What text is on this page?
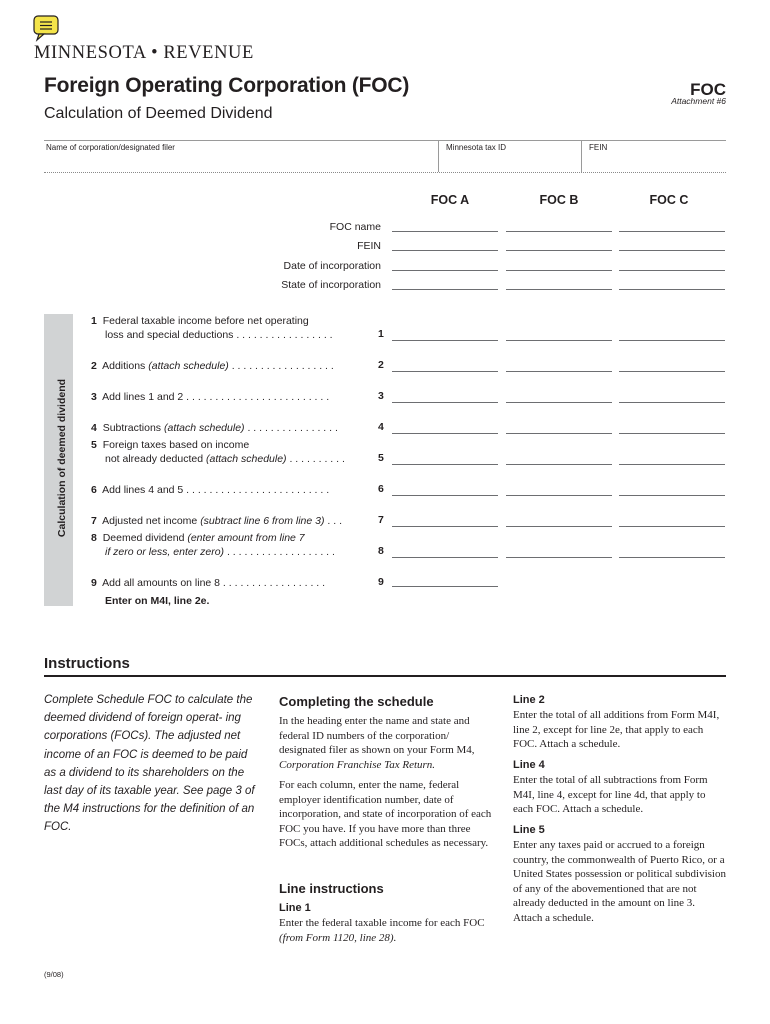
MINNESOTA • REVENUE
Foreign Operating Corporation (FOC)
Calculation of Deemed Dividend
FOC
Attachment #6
Name of corporation/designated filer	Minnesota tax ID	FEIN
FOC A	FOC B	FOC C
FOC name
FEIN
Date of incorporation
State of incorporation
Calculation of deemed dividend
1 Federal taxable income before net operating
loss and special deductions . . . . . . . . . . . . . . . . .	1
2 Additions (attach schedule) . . . . . . . . . . . . . . . . . .	2
3 Add lines 1 and 2 . . . . . . . . . . . . . . . . . . . . . . . . .	3
4 Subtractions (attach schedule) . . . . . . . . . . . . . . . .	4
5 Foreign taxes based on income
not already deducted (attach schedule) . . . . . . . . . .	5
6 Add lines 4 and 5 . . . . . . . . . . . . . . . . . . . . . . . . .	6
7 Adjusted net income (subtract line 6 from line 3) . . .	7
8 Deemed dividend (enter amount from line 7
if zero or less, enter zero) . . . . . . . . . . . . . . . . . . .	8
9 Add all amounts on line 8 . . . . . . . . . . . . . . . . . .	9
Enter on M4I, line 2e.
Instructions
Complete Schedule FOC to calculate the deemed dividend of foreign operat- ing corporations (FOCs). The adjusted net income of an FOC is deemed to be paid as a dividend to its shareholders on the last day of its taxable year. See page 3 of the M4 instructions for the definition of an FOC.
Completing the schedule
In the heading enter the name and state and federal ID numbers of the corporation/ designated filer as shown on your Form M4, Corporation Franchise Tax Return.
For each column, enter the name, federal employer identification number, date of incorporation, and state of incorporation of each FOC you have. If you have more than three FOCs, attach additional schedules as necessary.
Line instructions
Line 1
Enter the federal taxable income for each FOC (from Form 1120, line 28).
Line 2
Enter the total of all additions from Form M4I, line 2, except for line 2e, that apply to each FOC. Attach a schedule.
Line 4
Enter the total of all subtractions from Form M4I, line 4, except for line 4d, that apply to each FOC. Attach a schedule.
Line 5
Enter any taxes paid or accrued to a foreign country, the commonwealth of Puerto Rico, or a United States possession or political subdivision of any of the abovementioned that are not already deducted in the amount on line 3. Attach a schedule.
(9/08)
